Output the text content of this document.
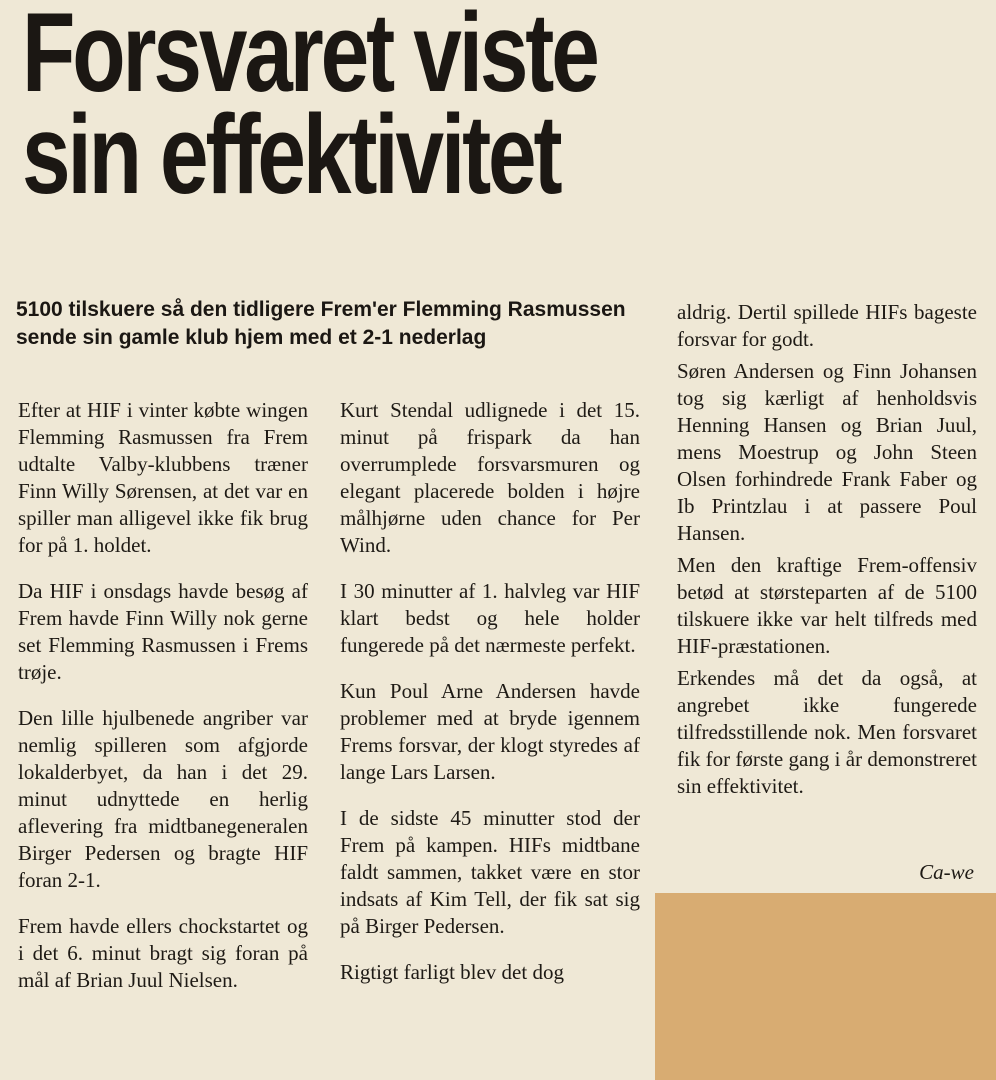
Forsvaret viste
sin effektivitet
5100 tilskuere så den tidligere Frem'er Flemming Rasmussen sende sin gamle klub hjem med et 2-1 nederlag

Efter at HIF i vinter købte wingen Flemming Rasmussen fra Frem udtalte Valby-klubbens træner Finn Willy Sørensen, at det var en spiller man alligevel ikke fik brug for på 1. holdet.

Da HIF i onsdags havde besøg af Frem havde Finn Willy nok gerne set Flemming Rasmussen i Frems trøje.

Den lille hjulbenede angriber var nemlig spilleren som afgjorde lokalderbyet, da han i det 29. minut udnyttede en herlig aflevering fra midtbanegeneralen Birger Pedersen og bragte HIF foran 2-1.

Frem havde ellers chockstartet og i det 6. minut bragt sig foran på mål af Brian Juul Nielsen.

Kurt Stendal udlignede i det 15. minut på frispark da han overrumplede forsvarsmuren og elegant placerede bolden i højre målhjørne uden chance for Per Wind.

I 30 minutter af 1. halvleg var HIF klart bedst og hele holder fungerede på det nærmeste perfekt.

Kun Poul Arne Andersen havde problemer med at bryde igennem Frems forsvar, der klogt styredes af lange Lars Larsen.

I de sidste 45 minutter stod der Frem på kampen. HIFs midtbane faldt sammen, takket være en stor indsats af Kim Tell, der fik sat sig på Birger Pedersen.

Rigtigt farligt blev det dog

aldrig. Dertil spillede HIFs bageste forsvar for godt.

Søren Andersen og Finn Johansen tog sig kærligt af henholdsvis Henning Hansen og Brian Juul, mens Moestrup og John Steen Olsen forhindrede Frank Faber og Ib Printzlau i at passere Poul Hansen.

Men den kraftige Frem-offensiv betød at størsteparten af de 5100 tilskuere ikke var helt tilfreds med HIF-præstationen.

Erkendes må det da også, at angrebet ikke fungerede tilfredsstillende nok. Men forsvaret fik for første gang i år demonstreret sin effektivitet.

Ca-we
